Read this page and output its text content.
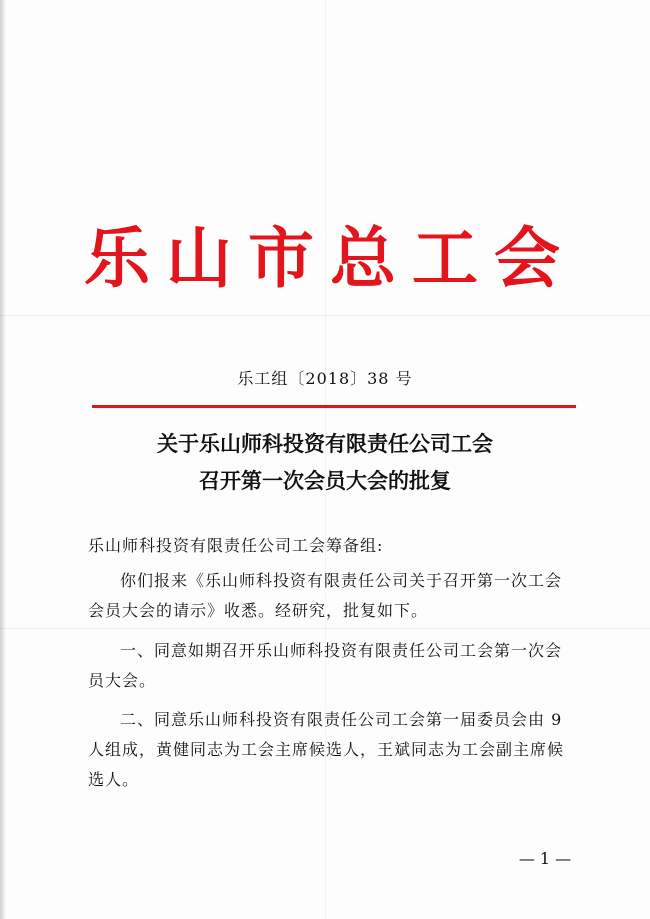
乐山市总工会
乐工组〔2018〕38 号
关于乐山师科投资有限责任公司工会
召开第一次会员大会的批复
乐山师科投资有限责任公司工会筹备组:
你们报来《乐山师科投资有限责任公司关于召开第一次工会
会员大会的请示》收悉。经研究，批复如下。
一、同意如期召开乐山师科投资有限责任公司工会第一次会
员大会。
二、同意乐山师科投资有限责任公司工会第一届委员会由 9
人组成，黄健同志为工会主席候选人，王斌同志为工会副主席候
选人。
— 1 —
